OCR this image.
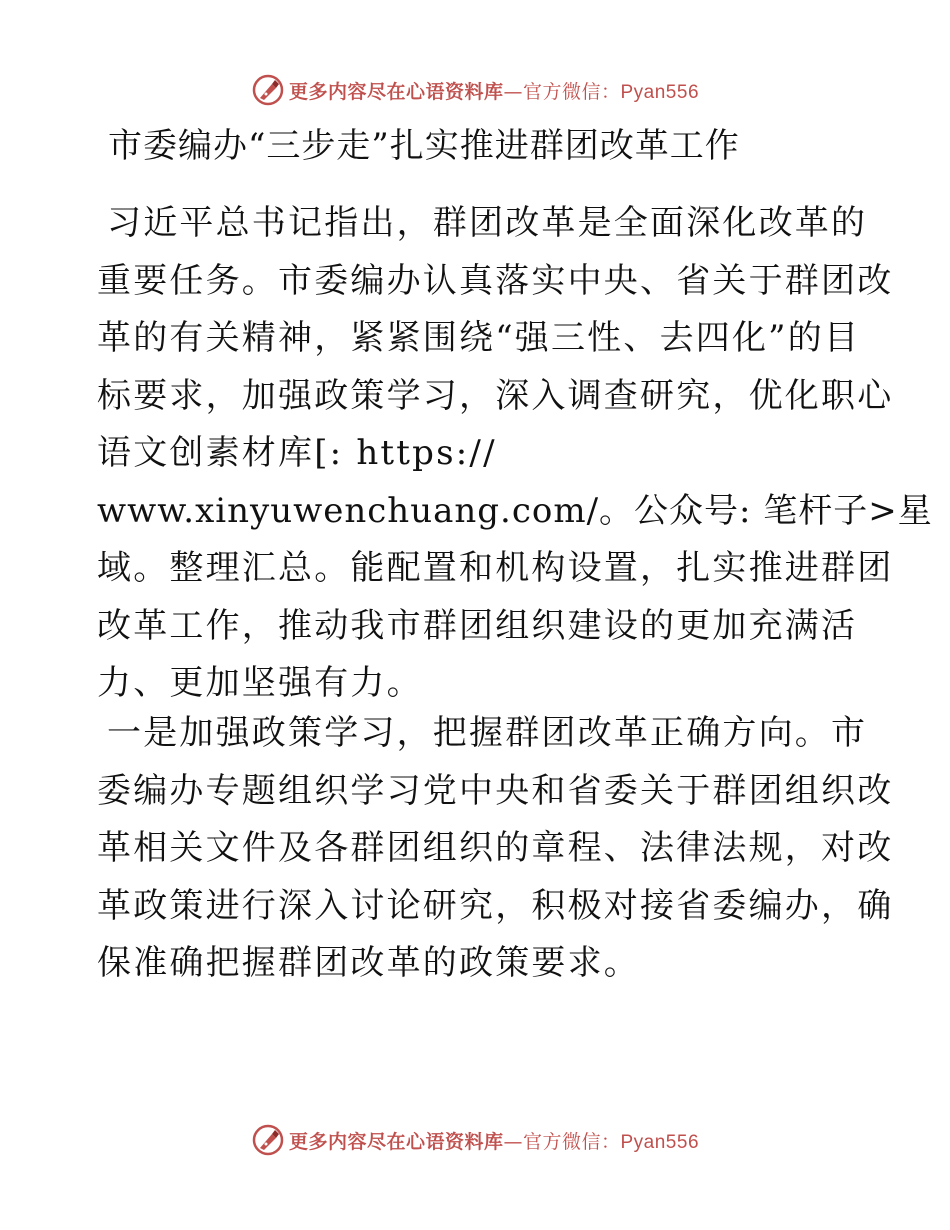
更多内容尽在心语资料库—官方微信：Pyan556
市委编办“三步走”扎实推进群团改革工作
习近平总书记指出，群团改革是全面深化改革的
重要任务。市委编办认真落实中央、省关于群团改
革的有关精神，紧紧围绕“强三性、去四化”的目
标要求，加强政策学习，深入调查研究，优化职心
语文创素材库[: https://
www.xinyuwenchuang.com/。公众号: 笔杆子>星
域。整理汇总。能配置和机构设置，扎实推进群团
改革工作，推动我市群团组织建设的更加充满活
力、更加坚强有力。
一是加强政策学习，把握群团改革正确方向。市
委编办专题组织学习党中央和省委关于群团组织改
革相关文件及各群团组织的章程、法律法规，对改
革政策进行深入讨论研究，积极对接省委编办，确
保准确把握群团改革的政策要求。
更多内容尽在心语资料库—官方微信：Pyan556
